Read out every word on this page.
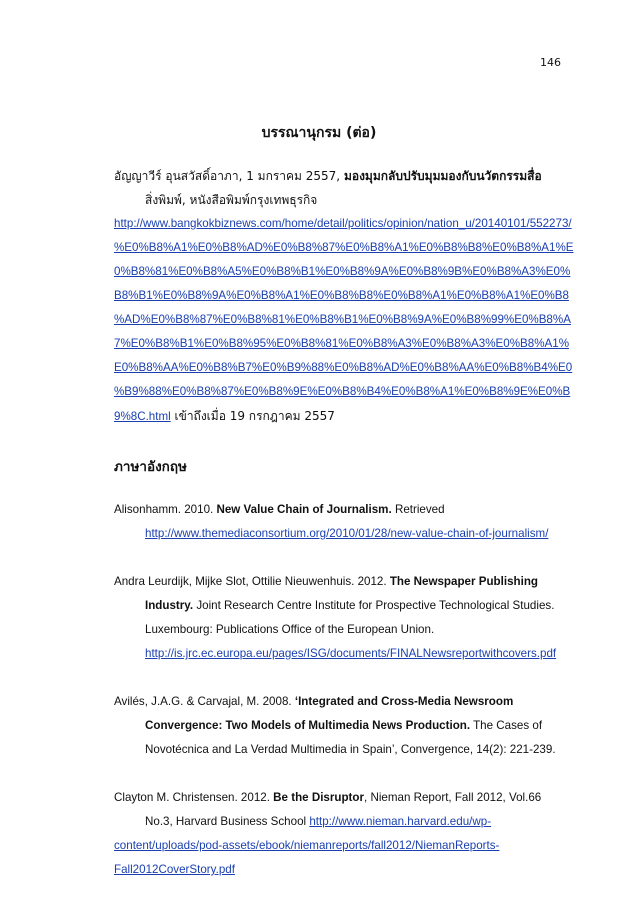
146
บรรณานุกรม (ต่อ)
อัญญาวีร์ อุนสวัสดิ์อาภา, 1 มกราคม 2557, มองมุมกลับปรับมุมมองกับนวัตกรรมสื่อ
สิ่งพิมพ์, หนังสือพิมพ์กรุงเทพธุรกิจ
http://www.bangkokbiznews.com/home/detail/politics/opinion/nation_u/20140101/552273/
%E0%B8%A1%E0%B8%AD%E0%B8%87%E0%B8%A1%E0%B8%B8%E0%B8%A1%E
0%B8%81%E0%B8%A5%E0%B8%B1%E0%B8%9A%E0%B8%9B%E0%B8%A3%E0%
B8%B1%E0%B8%9A%E0%B8%A1%E0%B8%B8%E0%B8%A1%E0%B8%A1%E0%B8
%AD%E0%B8%87%E0%B8%81%E0%B8%B1%E0%B8%9A%E0%B8%99%E0%B8%A
7%E0%B8%B1%E0%B8%95%E0%B8%81%E0%B8%A3%E0%B8%A3%E0%B8%A1%
E0%B8%AA%E0%B8%B7%E0%B9%88%E0%B8%AD%E0%B8%AA%E0%B8%B4%E0
%B9%88%E0%B8%87%E0%B8%9E%E0%B8%B4%E0%B8%A1%E0%B8%9E%E0%B
9%8C.html เข้าถึงเมื่อ 19 กรกฎาคม 2557
ภาษาอังกฤษ
Alisonhamm. 2010. New Value Chain of Journalism. Retrieved
http://www.themediaconsortium.org/2010/01/28/new-value-chain-of-journalism/
Andra Leurdijk, Mijke Slot, Ottilie Nieuwenhuis. 2012. The Newspaper Publishing
Industry. Joint Research Centre Institute for Prospective Technological Studies.
Luxembourg: Publications Office of the European Union.
http://is.jrc.ec.europa.eu/pages/ISG/documents/FINALNewsreportwithcovers.pdf
Avilés, J.A.G. & Carvajal, M. 2008. ‘Integrated and Cross-Media Newsroom
Convergence: Two Models of Multimedia News Production. The Cases of
Novotécnica and La Verdad Multimedia in Spain’, Convergence, 14(2): 221-239.
Clayton M. Christensen. 2012. Be the Disruptor, Nieman Report, Fall 2012, Vol.66
No.3, Harvard Business School http://www.nieman.harvard.edu/wp-
content/uploads/pod-assets/ebook/niemanreports/fall2012/NiemanReports-
Fall2012CoverStory.pdf
